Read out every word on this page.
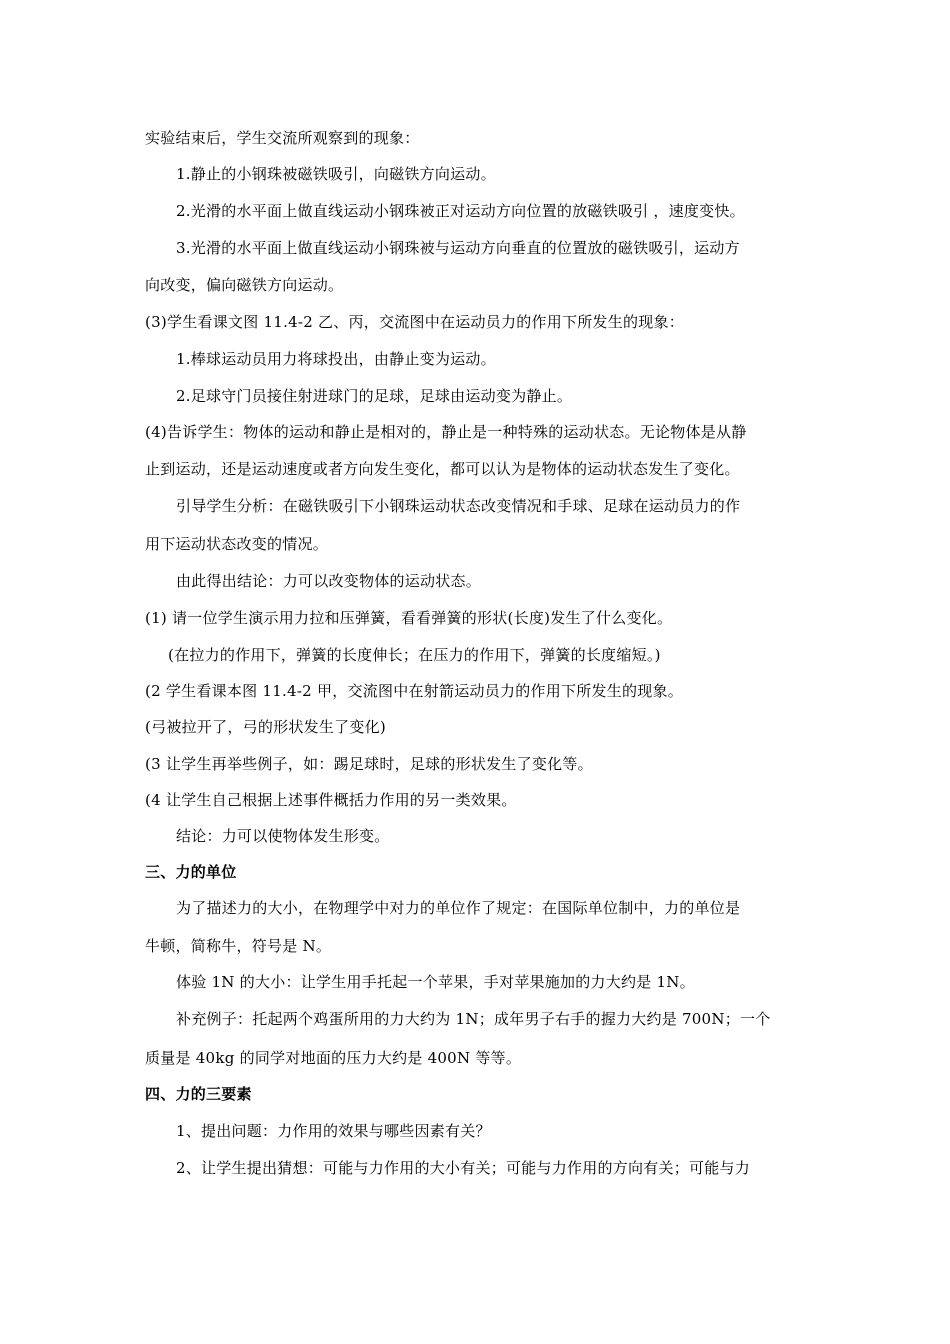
实验结束后，学生交流所观察到的现象：
1.静止的小钢珠被磁铁吸引，向磁铁方向运动。
2.光滑的水平面上做直线运动小钢珠被正对运动方向位置的放磁铁吸引 ，速度变快。
3.光滑的水平面上做直线运动小钢珠被与运动方向垂直的位置放的磁铁吸引，运动方
向改变，偏向磁铁方向运动。
(3)学生看课文图 11.4-2 乙、丙，交流图中在运动员力的作用下所发生的现象：
1.棒球运动员用力将球投出，由静止变为运动。
2.足球守门员接住射进球门的足球，足球由运动变为静止。
(4)告诉学生：物体的运动和静止是相对的，静止是一种特殊的运动状态。无论物体是从静
止到运动，还是运动速度或者方向发生变化，都可以认为是物体的运动状态发生了变化。
引导学生分析：在磁铁吸引下小钢珠运动状态改变情况和手球、足球在运动员力的作
用下运动状态改变的情况。
由此得出结论：力可以改变物体的运动状态。
(1) 请一位学生演示用力拉和压弹簧，看看弹簧的形状(长度)发生了什么变化。
(在拉力的作用下，弹簧的长度伸长；在压力的作用下，弹簧的长度缩短。)
(2 学生看课本图 11.4-2 甲，交流图中在射箭运动员力的作用下所发生的现象。
(弓被拉开了，弓的形状发生了变化)
(3 让学生再举些例子，如：踢足球时，足球的形状发生了变化等。
(4 让学生自己根据上述事件概括力作用的另一类效果。
结论：力可以使物体发生形变。
三、力的单位
为了描述力的大小，在物理学中对力的单位作了规定：在国际单位制中，力的单位是
牛顿，简称牛，符号是 N。
体验 1N 的大小：让学生用手托起一个苹果，手对苹果施加的力大约是 1N。
补充例子：托起两个鸡蛋所用的力大约为 1N；成年男子右手的握力大约是 700N；一个
质量是 40kg 的同学对地面的压力大约是 400N 等等。
四、力的三要素
1、提出问题：力作用的效果与哪些因素有关？
2、让学生提出猜想：可能与力作用的大小有关；可能与力作用的方向有关；可能与力
